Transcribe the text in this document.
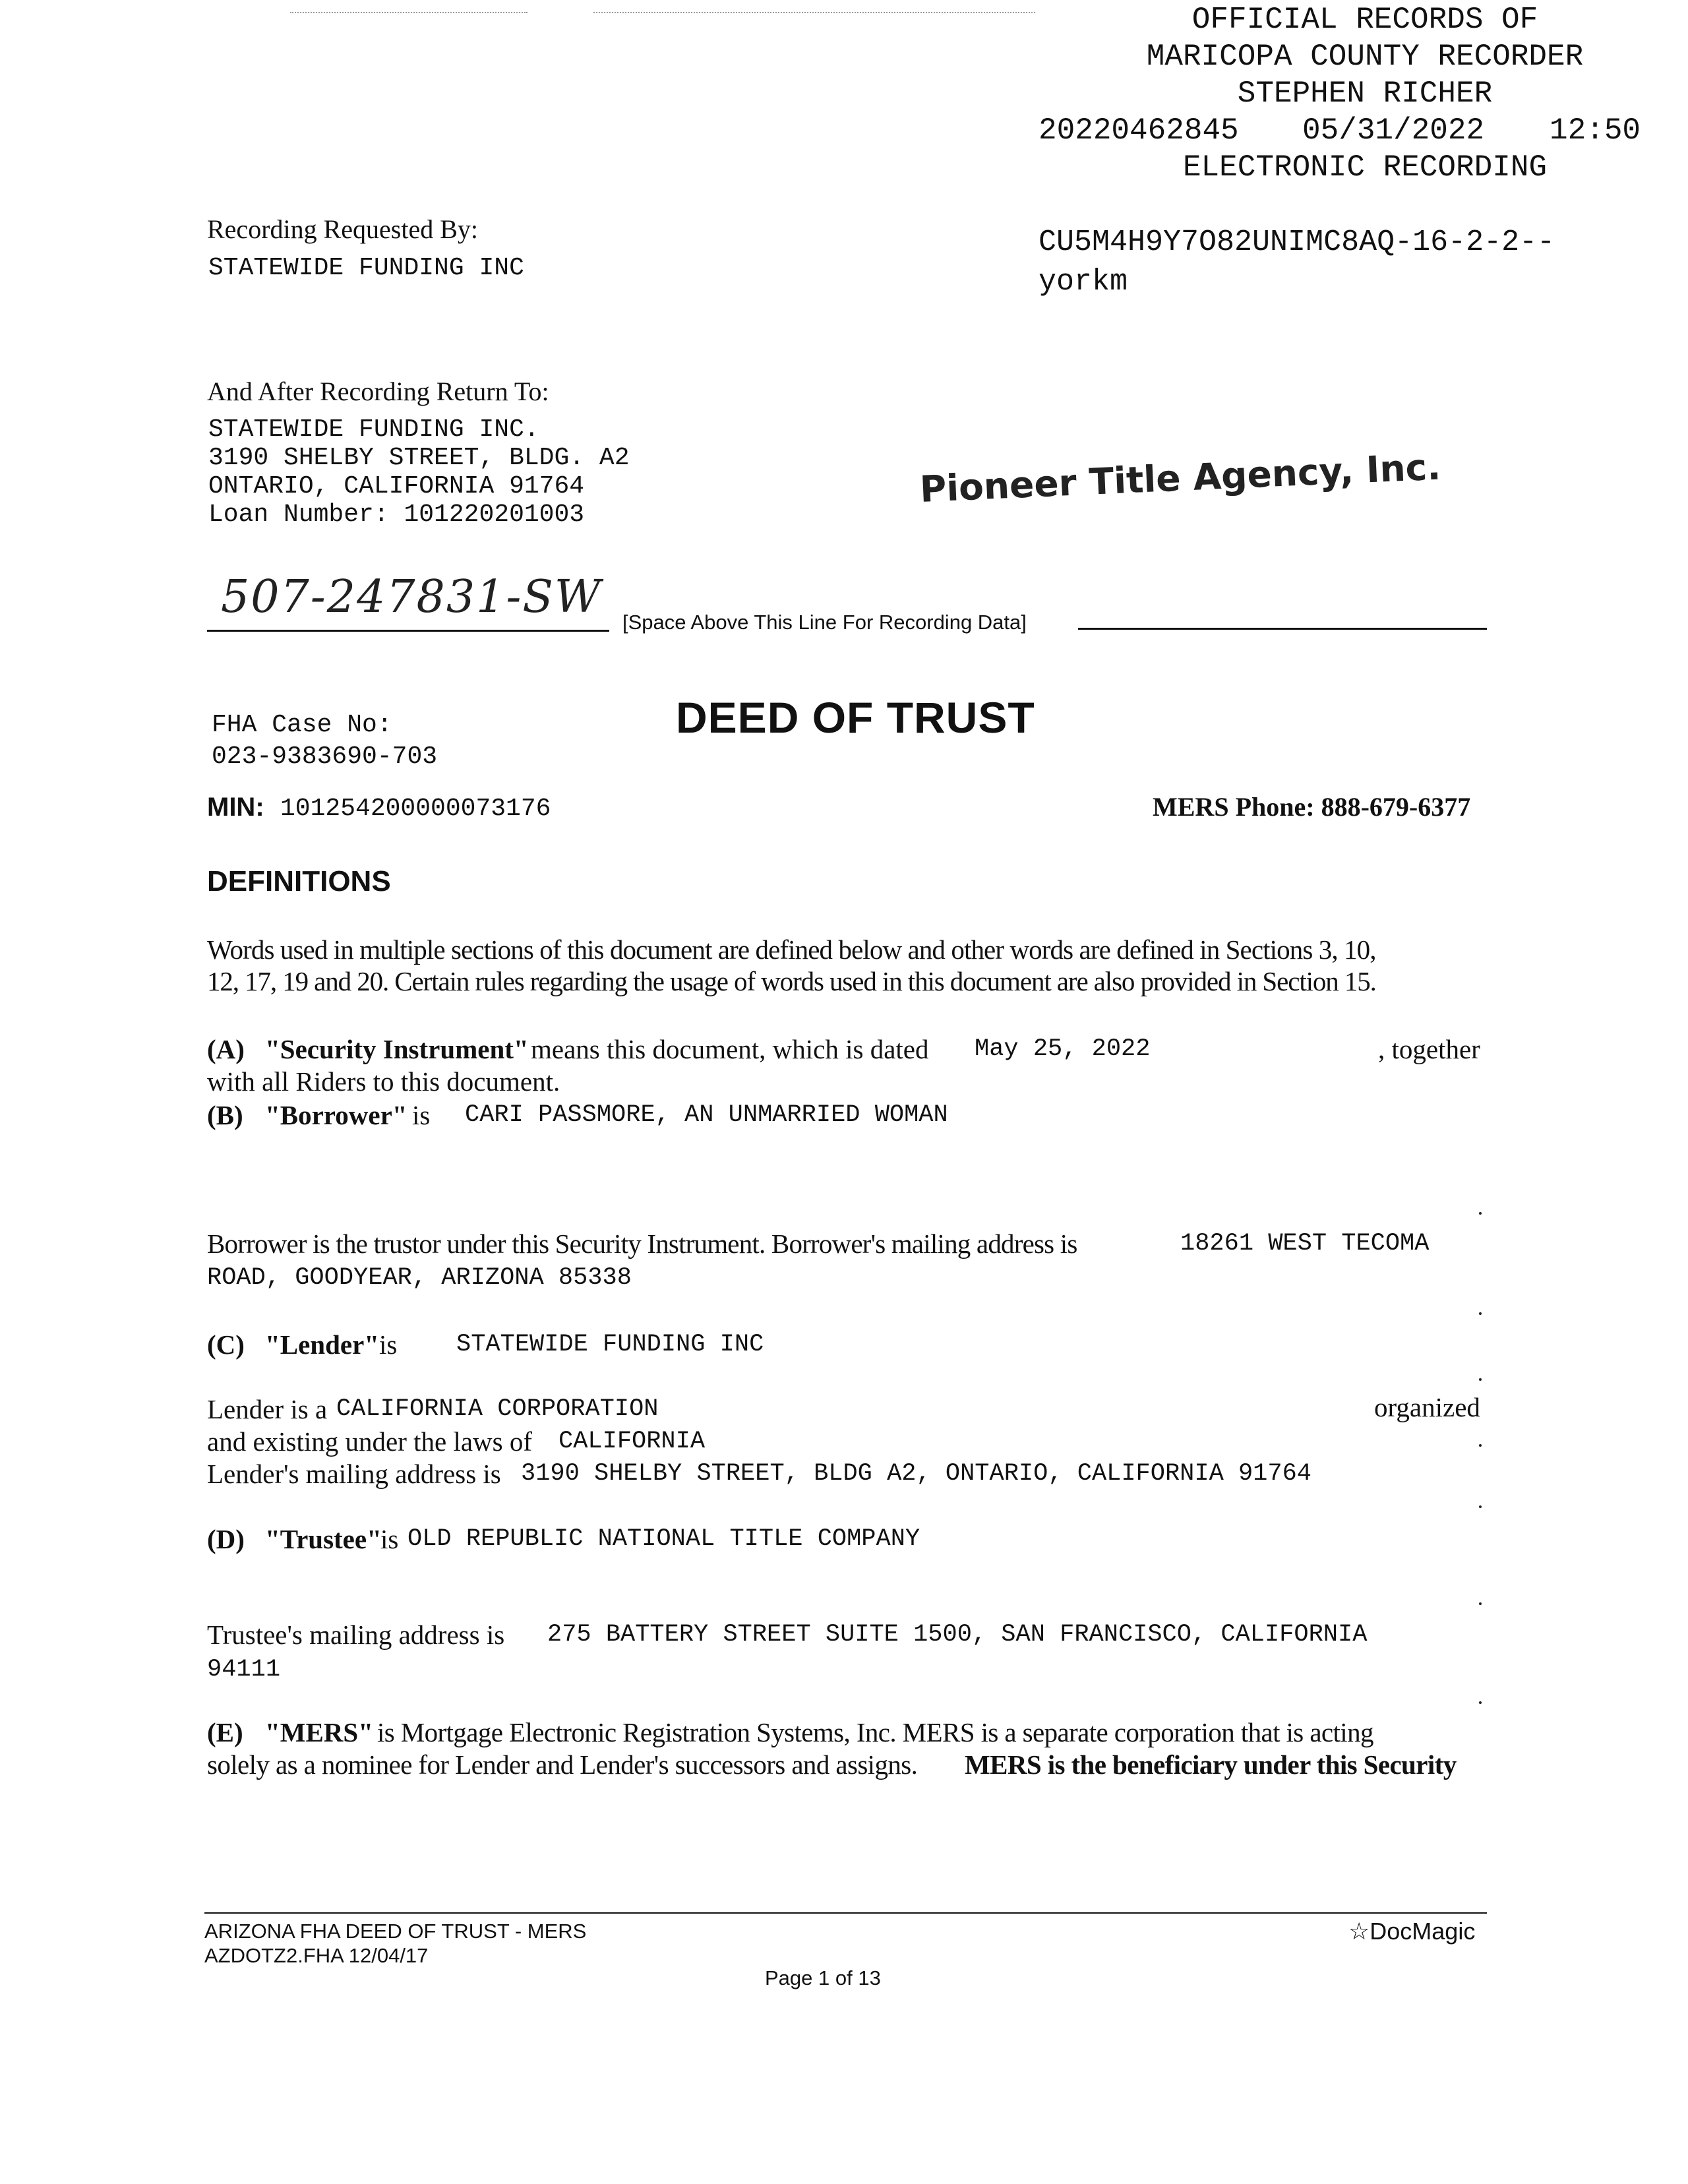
OFFICIAL RECORDS OF
MARICOPA COUNTY RECORDER
STEPHEN RICHER
20220462845 05/31/2022 12:50
ELECTRONIC RECORDING
CU5M4H9Y7O82UNIMC8AQ-16-2-2--
yorkm
Recording Requested By:
STATEWIDE FUNDING INC
And After Recording Return To:
STATEWIDE FUNDING INC.
3190 SHELBY STREET, BLDG. A2
ONTARIO, CALIFORNIA 91764
Loan Number: 101220201003
Pioneer Title Agency, Inc.
507-247831-SW [Space Above This Line For Recording Data]
FHA Case No:
023-9383690-703
DEED OF TRUST
MIN: 101254200000073176	MERS Phone: 888-679-6377
DEFINITIONS
Words used in multiple sections of this document are defined below and other words are defined in Sections 3, 10,
12, 17, 19 and 20. Certain rules regarding the usage of words used in this document are also provided in Section 15.
(A) "Security Instrument" means this document, which is dated May 25, 2022	, together
with all Riders to this document.
(B) "Borrower" is CARI PASSMORE, AN UNMARRIED WOMAN
Borrower is the trustor under this Security Instrument. Borrower's mailing address is	18261 WEST TECOMA
ROAD, GOODYEAR, ARIZONA 85338
(C) "Lender" is STATEWIDE FUNDING INC
Lender is a CALIFORNIA CORPORATION	organized
and existing under the laws of CALIFORNIA
Lender's mailing address is 3190 SHELBY STREET, BLDG A2, ONTARIO, CALIFORNIA 91764
(D) "Trustee"
is OLD REPUBLIC NATIONAL TITLE COMPANY
Trustee's mailing address is 275 BATTERY STREET SUITE 1500, SAN FRANCISCO, CALIFORNIA
94111
(E) "MERS" is Mortgage Electronic Registration Systems, Inc. MERS is a separate corporation that is acting
solely as a nominee for Lender and Lender's successors and assigns. MERS is the beneficiary under this Security
ARIZONA FHA DEED OF TRUST - MERS
AZDOTZ2.FHA 12/04/17
☆DocMagic
Page 1 of 13
